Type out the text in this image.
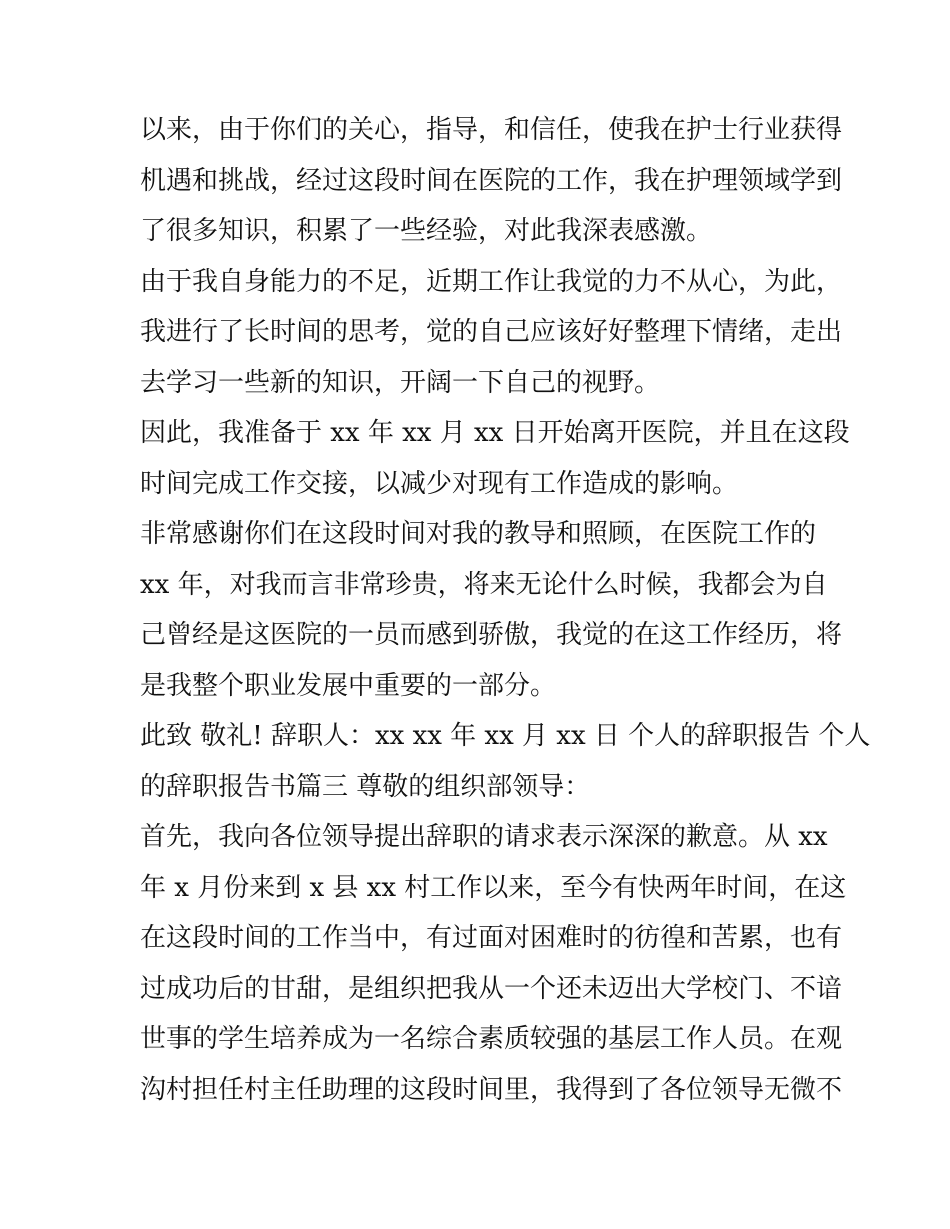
以来，由于你们的关心，指导，和信任，使我在护士行业获得
机遇和挑战，经过这段时间在医院的工作，我在护理领域学到
了很多知识，积累了一些经验，对此我深表感激。
由于我自身能力的不足，近期工作让我觉的力不从心，为此，
我进行了长时间的思考，觉的自己应该好好整理下情绪，走出
去学习一些新的知识，开阔一下自己的视野。
因此，我准备于 xx 年 xx 月 xx 日开始离开医院，并且在这段
时间完成工作交接，以减少对现有工作造成的影响。
非常感谢你们在这段时间对我的教导和照顾，在医院工作的
xx 年，对我而言非常珍贵，将来无论什么时候，我都会为自
己曾经是这医院的一员而感到骄傲，我觉的在这工作经历，将
是我整个职业发展中重要的一部分。
此致 敬礼! 辞职人：xx xx 年 xx 月 xx 日 个人的辞职报告 个人
的辞职报告书篇三 尊敬的组织部领导：
首先，我向各位领导提出辞职的请求表示深深的歉意。从 xx
年 x 月份来到 x 县 xx 村工作以来，至今有快两年时间，在这
在这段时间的工作当中，有过面对困难时的彷徨和苦累，也有
过成功后的甘甜，是组织把我从一个还未迈出大学校门、不谙
世事的学生培养成为一名综合素质较强的基层工作人员。在观
沟村担任村主任助理的这段时间里，我得到了各位领导无微不
